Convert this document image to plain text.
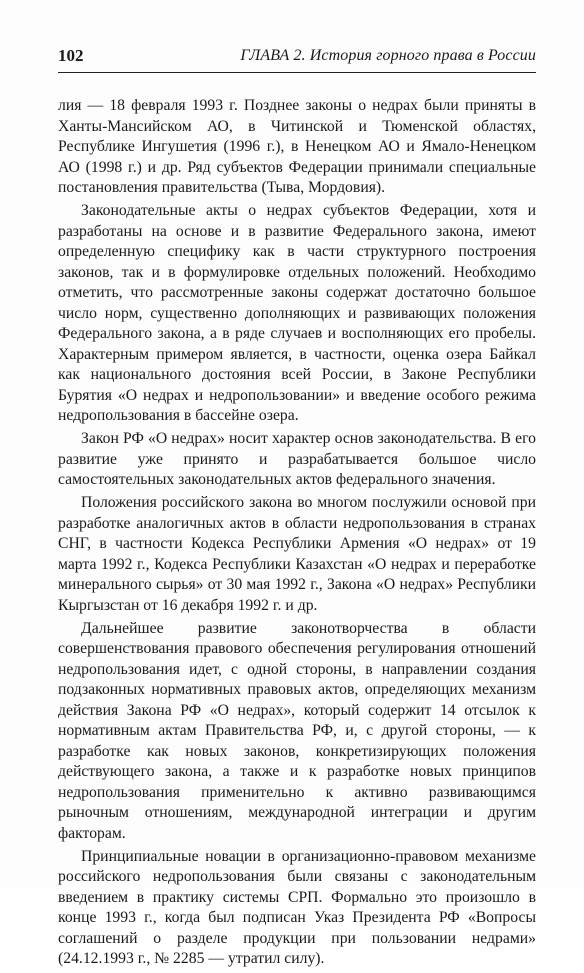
102	ГЛАВА 2. История горного права в России

лия — 18 февраля 1993 г. Позднее законы о недрах были приняты в Ханты-Мансийском АО, в Читинской и Тюменской областях, Республике Ингушетия (1996 г.), в Ненецком АО и Ямало-Ненецком АО (1998 г.) и др. Ряд субъектов Федерации принимали специальные постановления правительства (Тыва, Мордовия).

Законодательные акты о недрах субъектов Федерации, хотя и разработаны на основе и в развитие Федерального закона, имеют определенную специфику как в части структурного построения законов, так и в формулировке отдельных положений. Необходимо отметить, что рассмотренные законы содержат достаточно большое число норм, существенно дополняющих и развивающих положения Федерального закона, а в ряде случаев и восполняющих его пробелы. Характерным примером является, в частности, оценка озера Байкал как национального достояния всей России, в Законе Республики Бурятия «О недрах и недропользовании» и введение особого режима недропользования в бассейне озера.

Закон РФ «О недрах» носит характер основ законодательства. В его развитие уже принято и разрабатывается большое число самостоятельных законодательных актов федерального значения.

Положения российского закона во многом послужили основой при разработке аналогичных актов в области недропользования в странах СНГ, в частности Кодекса Республики Армения «О недрах» от 19 марта 1992 г., Кодекса Республики Казахстан «О недрах и переработке минерального сырья» от 30 мая 1992 г., Закона «О недрах» Республики Кыргызстан от 16 декабря 1992 г. и др.

Дальнейшее развитие законотворчества в области совершенствования правового обеспечения регулирования отношений недропользования идет, с одной стороны, в направлении создания подзаконных нормативных правовых актов, определяющих механизм действия Закона РФ «О недрах», который содержит 14 отсылок к нормативным актам Правительства РФ, и, с другой стороны, — к разработке как новых законов, конкретизирующих положения действующего закона, а также и к разработке новых принципов недропользования применительно к активно развивающимся рыночным отношениям, международной интеграции и другим факторам.

Принципиальные новации в организационно-правовом механизме российского недропользования были связаны с законодательным введением в практику системы СРП. Формально это произошло в конце 1993 г., когда был подписан Указ Президента РФ «Вопросы соглашений о разделе продукции при пользовании недрами» (24.12.1993 г., № 2285 — утратил силу).
